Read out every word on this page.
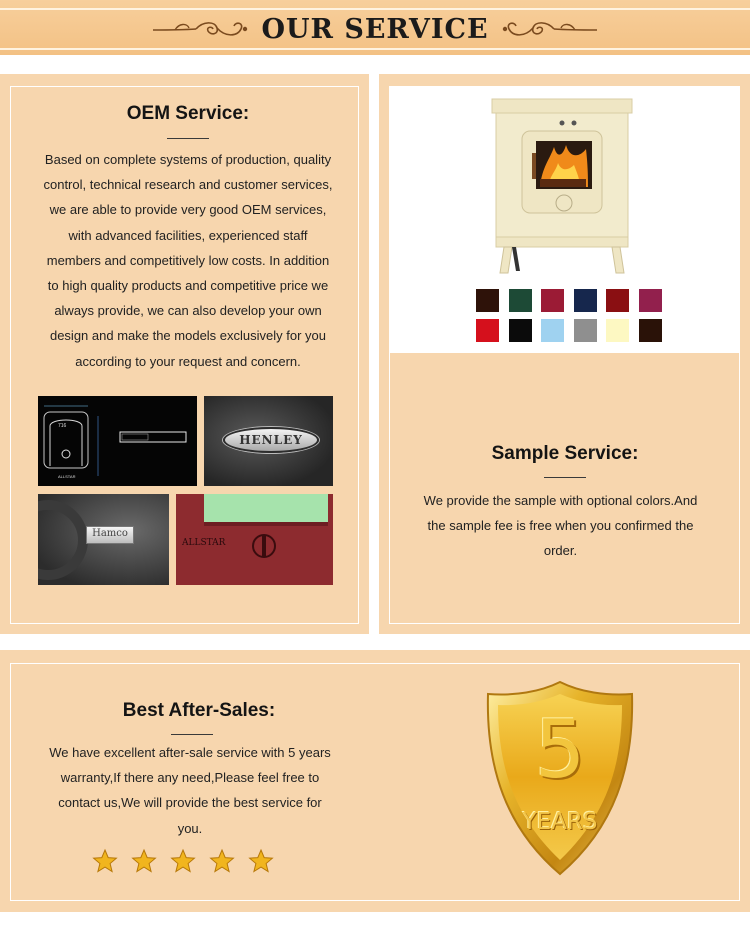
OUR SERVICE
OEM Service:
Based on complete systems of production, quality
control, technical research and customer services,
we are able to provide very good OEM services,
with advanced facilities, experienced staff
members and competitively low costs. In addition
to high quality products and competitive price we
always provide, we can also develop your own
design and make the models exclusively for you
according to your request and concern.
716
ALLSTAR
HENLEY
Hamco
ALLSTAR
Sample Service:
We provide the sample with optional colors.And
the sample fee is free when you confirmed the
order.
Best After-Sales:
We have excellent after-sale service with 5 years
warranty,If there any need,Please feel free to
contact us,We will provide the best service for
you.
5
YEARS
